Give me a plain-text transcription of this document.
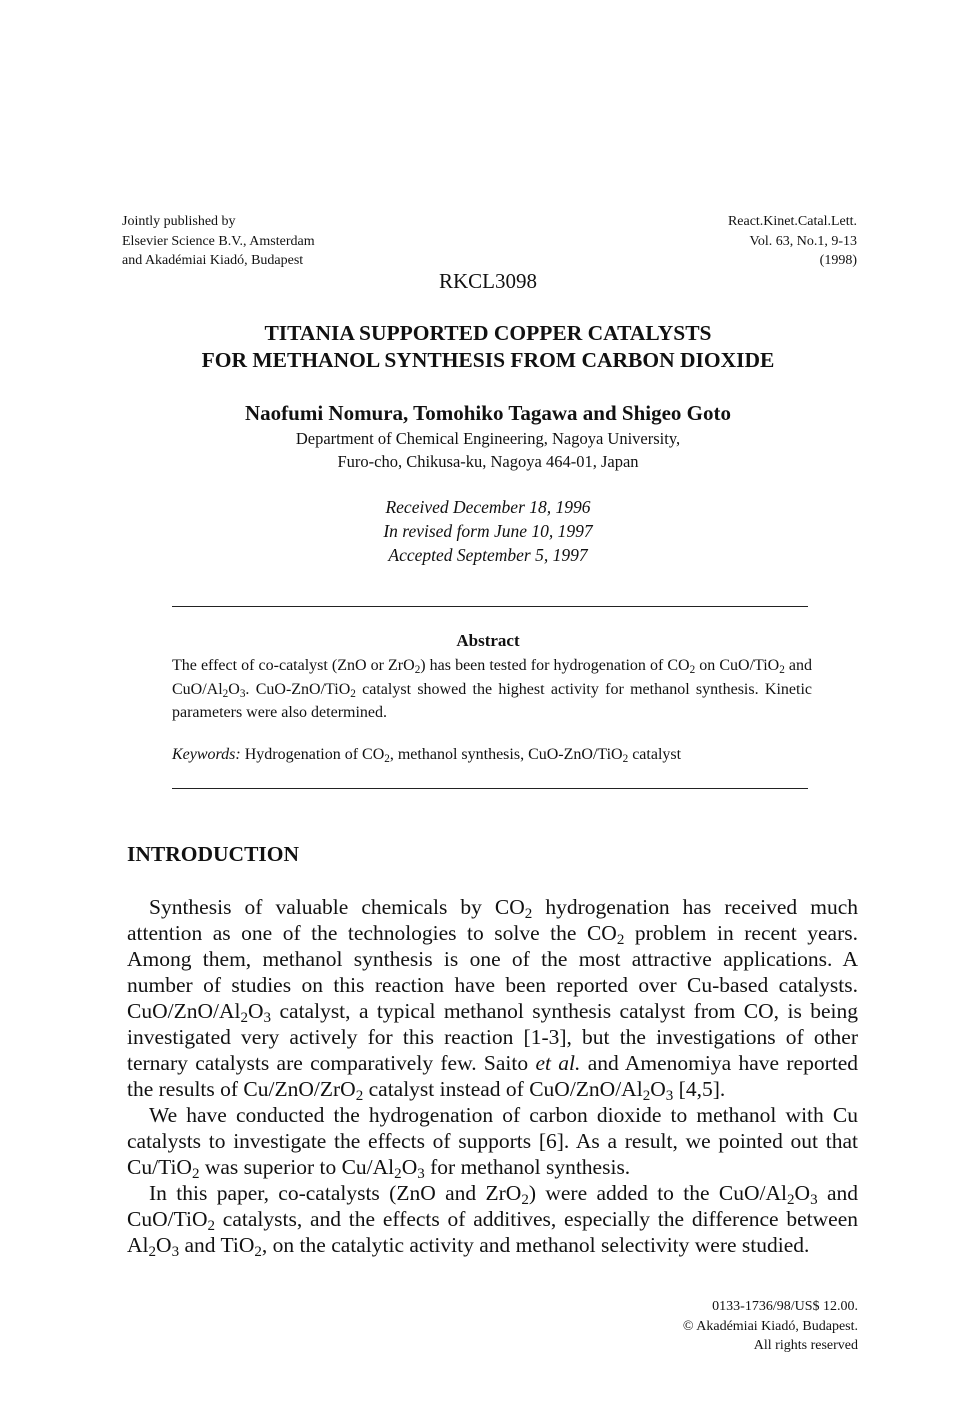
Jointly published by
Elsevier Science B.V., Amsterdam
and Akadémiai Kiadó, Budapest
React.Kinet.Catal.Lett.
Vol. 63, No.1, 9-13
(1998)
RKCL3098
TITANIA SUPPORTED COPPER CATALYSTS
FOR METHANOL SYNTHESIS FROM CARBON DIOXIDE
Naofumi Nomura, Tomohiko Tagawa and Shigeo Goto
Department of Chemical Engineering, Nagoya University,
Furo-cho, Chikusa-ku, Nagoya 464-01, Japan
Received December 18, 1996
In revised form June 10, 1997
Accepted September 5, 1997
Abstract
The effect of co-catalyst (ZnO or ZrO$_2$) has been tested for hydrogenation of $CO_2$ on CuO/TiO$_2$ and CuO/$Al_2O_3$. CuO-ZnO/TiO$_2$ catalyst showed the highest activity for methanol synthesis. Kinetic parameters were also determined.
Keywords: Hydrogenation of $CO_2$, methanol synthesis, CuO-ZnO/TiO$_2$ catalyst
INTRODUCTION

Synthesis of valuable chemicals by $CO_2$ hydrogenation has received much attention as one of the technologies to solve the $CO_2$ problem in recent years. Among them, methanol synthesis is one of the most attractive applications. A number of studies on this reaction have been reported over Cu-based catalysts. CuO/$ZnO/Al_2O_3$ catalyst, a typical methanol synthesis catalyst from CO, is being investigated very actively for this reaction [1-3], but the investigations of other ternary catalysts are comparatively few. Saito et al. and Amenomiya have reported the results of Cu/ZnO/ZrO$_2$ catalyst instead of CuO/$ZnO/Al_2O_3$ [4,5].

We have conducted the hydrogenation of carbon dioxide to methanol with Cu catalysts to investigate the effects of supports [6]. As a result, we pointed out that Cu/TiO$_2$ was superior to $Cu/Al_2O_3$ for methanol synthesis.

In this paper, co-catalysts (ZnO and ZrO$_2$) were added to the CuO/$Al_2O_3$ and CuO/TiO$_2$ catalysts, and the effects of additives, especially the difference between $Al_2O_3$ and TiO$_2$, on the catalytic activity and methanol selectivity were studied.

0133-1736/98/US$ 12.00.
© Akadémiai Kiadó, Budapest.
All rights reserved
